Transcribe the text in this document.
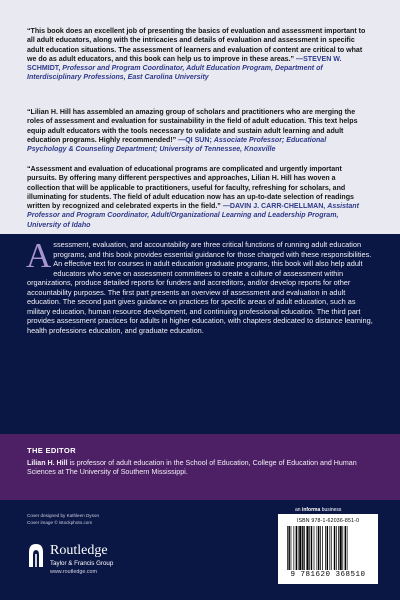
“This book does an excellent job of presenting the basics of evaluation and assessment important to all adult educators, along with the intricacies and details of evaluation and assessment in specific adult education situations. The assessment of learners and evaluation of content are critical to what we do as adult educators, and this book can help us to improve in these areas.” —STEVEN W. SCHMIDT, Professor and Program Coordinator, Adult Education Program, Department of Interdisciplinary Professions, East Carolina University
“Lilian H. Hill has assembled an amazing group of scholars and practitioners who are merging the roles of assessment and evaluation for sustainability in the field of adult education. This text helps equip adult educators with the tools necessary to validate and sustain adult learning and adult education programs. Highly recommended!” —QI SUN; Associate Professor; Educational Psychology & Counseling Department; University of Tennessee, Knoxville
“Assessment and evaluation of educational programs are complicated and urgently important pursuits. By offering many different perspectives and approaches, Lilian H. Hill has woven a collection that will be applicable to practitioners, useful for faculty, refreshing for scholars, and illuminating for students. The field of adult education now has an up-to-date selection of readings written by recognized and celebrated experts in the field.” —DAVIN J. CARR-CHELLMAN, Assistant Professor and Program Coordinator, Adult/Organizational Learning and Leadership Program, University of Idaho
Assessment, evaluation, and accountability are three critical functions of running adult education programs, and this book provides essential guidance for those charged with these responsibilities. An effective text for courses in adult education graduate programs, this book will also help adult educators who serve on assessment committees to create a culture of assessment within organizations, produce detailed reports for funders and accreditors, and/or develop reports for other accountability purposes. The first part presents an overview of assessment and evaluation in adult education. The second part gives guidance on practices for specific areas of adult education, such as military education, human resource development, and continuing professional education. The third part provides assessment practices for adults in higher education, with chapters dedicated to distance learning, health professions education, and graduate education.
THE EDITOR
Lilian H. Hill is professor of adult education in the School of Education, College of Education and Human Sciences at The University of Southern Mississippi.
Cover designed by Kathleen Dyson
Cover image © istockphoto.com
Routledge
Taylor & Francis Group
www.routledge.com
an informa business
ISBN 978-1-62036-851-0
9 781620 368510
